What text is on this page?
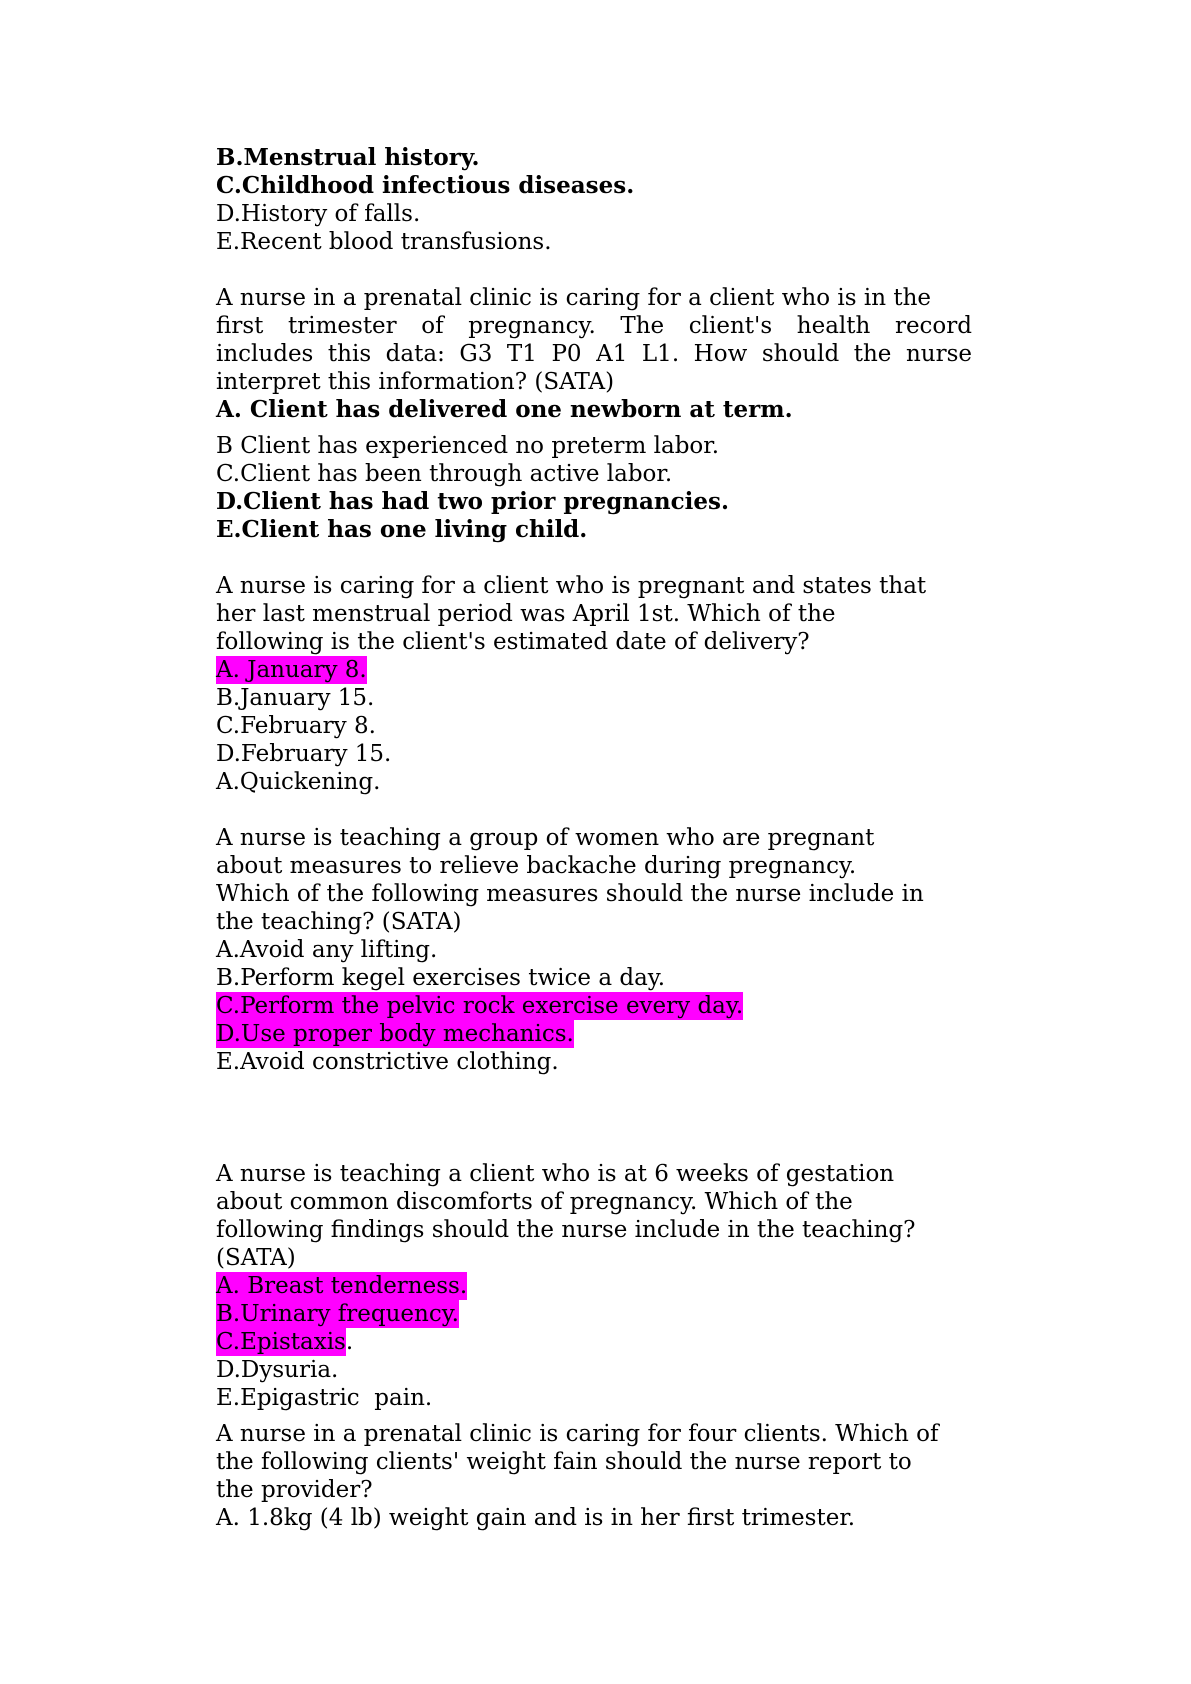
B.Menstrual history.
C.Childhood infectious diseases.
D.History of falls.
E.Recent blood transfusions.
A nurse in a prenatal clinic is caring for a client who is in the
first trimester of pregnancy. The client's health record
includes this data: G3 T1 P0 A1 L1. How should the nurse
interpret this information? (SATA)
A. Client has delivered one newborn at term.
B Client has experienced no preterm labor.
C.Client has been through active labor.
D.Client has had two prior pregnancies.
E.Client has one living child.
A nurse is caring for a client who is pregnant and states that
her last menstrual period was April 1st. Which of the
following is the client's estimated date of delivery?
A. January 8.
B.January 15.
C.February 8.
D.February 15.
A.Quickening.
A nurse is teaching a group of women who are pregnant
about measures to relieve backache during pregnancy.
Which of the following measures should the nurse include in
the teaching? (SATA)
A.Avoid any lifting.
B.Perform kegel exercises twice a day.
C.Perform the pelvic rock exercise every day.
D.Use proper body mechanics.
E.Avoid constrictive clothing.
A nurse is teaching a client who is at 6 weeks of gestation
about common discomforts of pregnancy. Which of the
following findings should the nurse include in the teaching?
(SATA)
A. Breast tenderness.
B.Urinary frequency.
C.Epistaxis.
D.Dysuria.
E.Epigastric  pain.
A nurse in a prenatal clinic is caring for four clients. Which of
the following clients' weight fain should the nurse report to
the provider?
A. 1.8kg (4 lb) weight gain and is in her first trimester.
